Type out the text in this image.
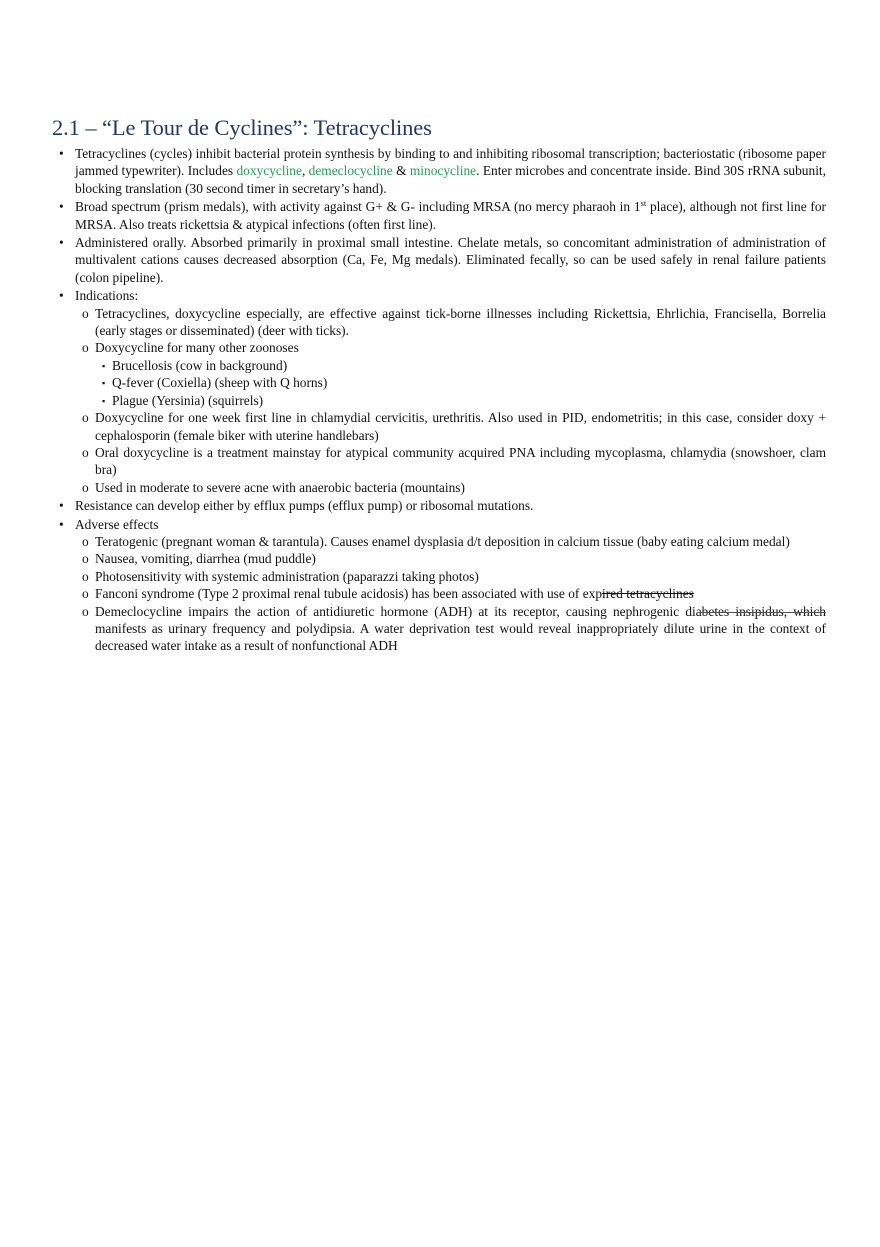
2.1 – “Le Tour de Cyclines”: Tetracyclines
• Tetracyclines (cycles) inhibit bacterial protein synthesis by binding to and inhibiting ribosomal transcription; bacteriostatic (ribosome paper jammed typewriter). Includes doxycycline, demeclocycline & minocycline. Enter microbes and concentrate inside. Bind 30S rRNA subunit, blocking translation (30 second timer in secretary’s hand).
• Broad spectrum (prism medals), with activity against G+ & G- including MRSA (no mercy pharaoh in 1st place), although not first line for MRSA. Also treats rickettsia & atypical infections (often first line).
• Administered orally. Absorbed primarily in proximal small intestine. Chelate metals, so concomitant administration of administration of multivalent cations causes decreased absorption (Ca, Fe, Mg medals). Eliminated fecally, so can be used safely in renal failure patients (colon pipeline).
• Indications:
o Tetracyclines, doxycycline especially, are effective against tick-borne illnesses including Rickettsia, Ehrlichia, Francisella, Borrelia (early stages or disseminated) (deer with ticks).
o Doxycycline for many other zoonoses
▪ Brucellosis (cow in background)
▪ Q-fever (Coxiella) (sheep with Q horns)
▪ Plague (Yersinia) (squirrels)
o Doxycycline for one week first line in chlamydial cervicitis, urethritis. Also used in PID, endometritis; in this case, consider doxy + cephalosporin (female biker with uterine handlebars)
o Oral doxycycline is a treatment mainstay for atypical community acquired PNA including mycoplasma, chlamydia (snowshoer, clam bra)
o Used in moderate to severe acne with anaerobic bacteria (mountains)
• Resistance can develop either by efflux pumps (efflux pump) or ribosomal mutations.
• Adverse effects
o Teratogenic (pregnant woman & tarantula). Causes enamel dysplasia d/t deposition in calcium tissue (baby eating calcium medal)
o Nausea, vomiting, diarrhea (mud puddle)
o Photosensitivity with systemic administration (paparazzi taking photos)
o Fanconi syndrome (Type 2 proximal renal tubule acidosis) has been associated with use of expired tetracyclines
o Demeclocycline impairs the action of antidiuretic hormone (ADH) at its receptor, causing nephrogenic diabetes insipidus, which manifests as urinary frequency and polydipsia. A water deprivation test would reveal inappropriately dilute urine in the context of decreased water intake as a result of nonfunctional ADH
